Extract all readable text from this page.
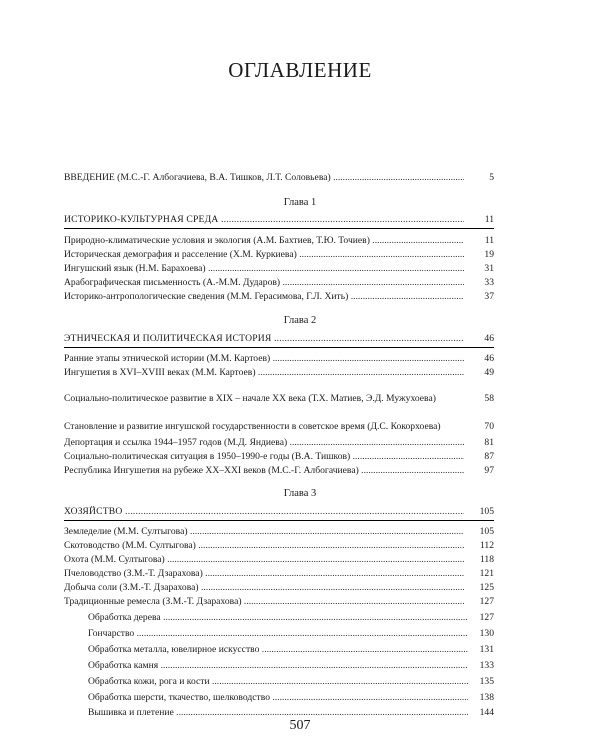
ОГЛАВЛЕНИЕ
ВВЕДЕНИЕ (М.С.-Г. Албогачиева, В.А. Тишков, Л.Т. Соловьева) .....	5
Глава 1
ИСТОРИКО-КУЛЬТУРНАЯ СРЕДА .....	11
Природно-климатические условия и экология (А.М. Бахтиев, Т.Ю. Точиев) .....	11
Историческая демография и расселение (Х.М. Куркиева) .....	19
Ингушский язык (Н.М. Барахоева) .....	31
Арабографическая письменность (А.-М.М. Дударов) .....	33
Историко-антропологические сведения (М.М. Герасимова, Г.Л. Хить) .....	37
Глава 2
ЭТНИЧЕСКАЯ И ПОЛИТИЧЕСКАЯ ИСТОРИЯ .....	46
Ранние этапы этнической истории (М.М. Картоев) .....	46
Ингушетия в XVI–XVIII веках (М.М. Картоев) .....	49
Социально-политическое развитие в XIX – начале XX века (Т.Х. Матиев, Э.Д. Мужухоева)	58
Становление и развитие ингушской государственности в советское время (Д.С. Кокорхоева)	70
Депортация и ссылка 1944–1957 годов (М.Д. Яндиева) .....	81
Социально-политическая ситуация в 1950–1990-е годы (В.А. Тишков) .....	87
Республика Ингушетия на рубеже XX–XXI веков (М.С.-Г. Албогачиева) .....	97
Глава 3
ХОЗЯЙСТВО .....	105
Земледелие (М.М. Султыгова) .....	105
Скотоводство (М.М. Султыгова) .....	112
Охота (М.М. Султыгова) .....	118
Пчеловодство (З.М.-Т. Дзарахова) .....	121
Добыча соли (З.М.-Т. Дзарахова) .....	125
Традиционные ремесла (З.М.-Т. Дзарахова) .....	127
Обработка дерева .....	127
Гончарство .....	130
Обработка металла, ювелирное искусство .....	131
Обработка камня .....	133
Обработка кожи, рога и кости .....	135
Обработка шерсти, ткачество, шелководство .....	138
Вышивка и плетение .....	144
507
